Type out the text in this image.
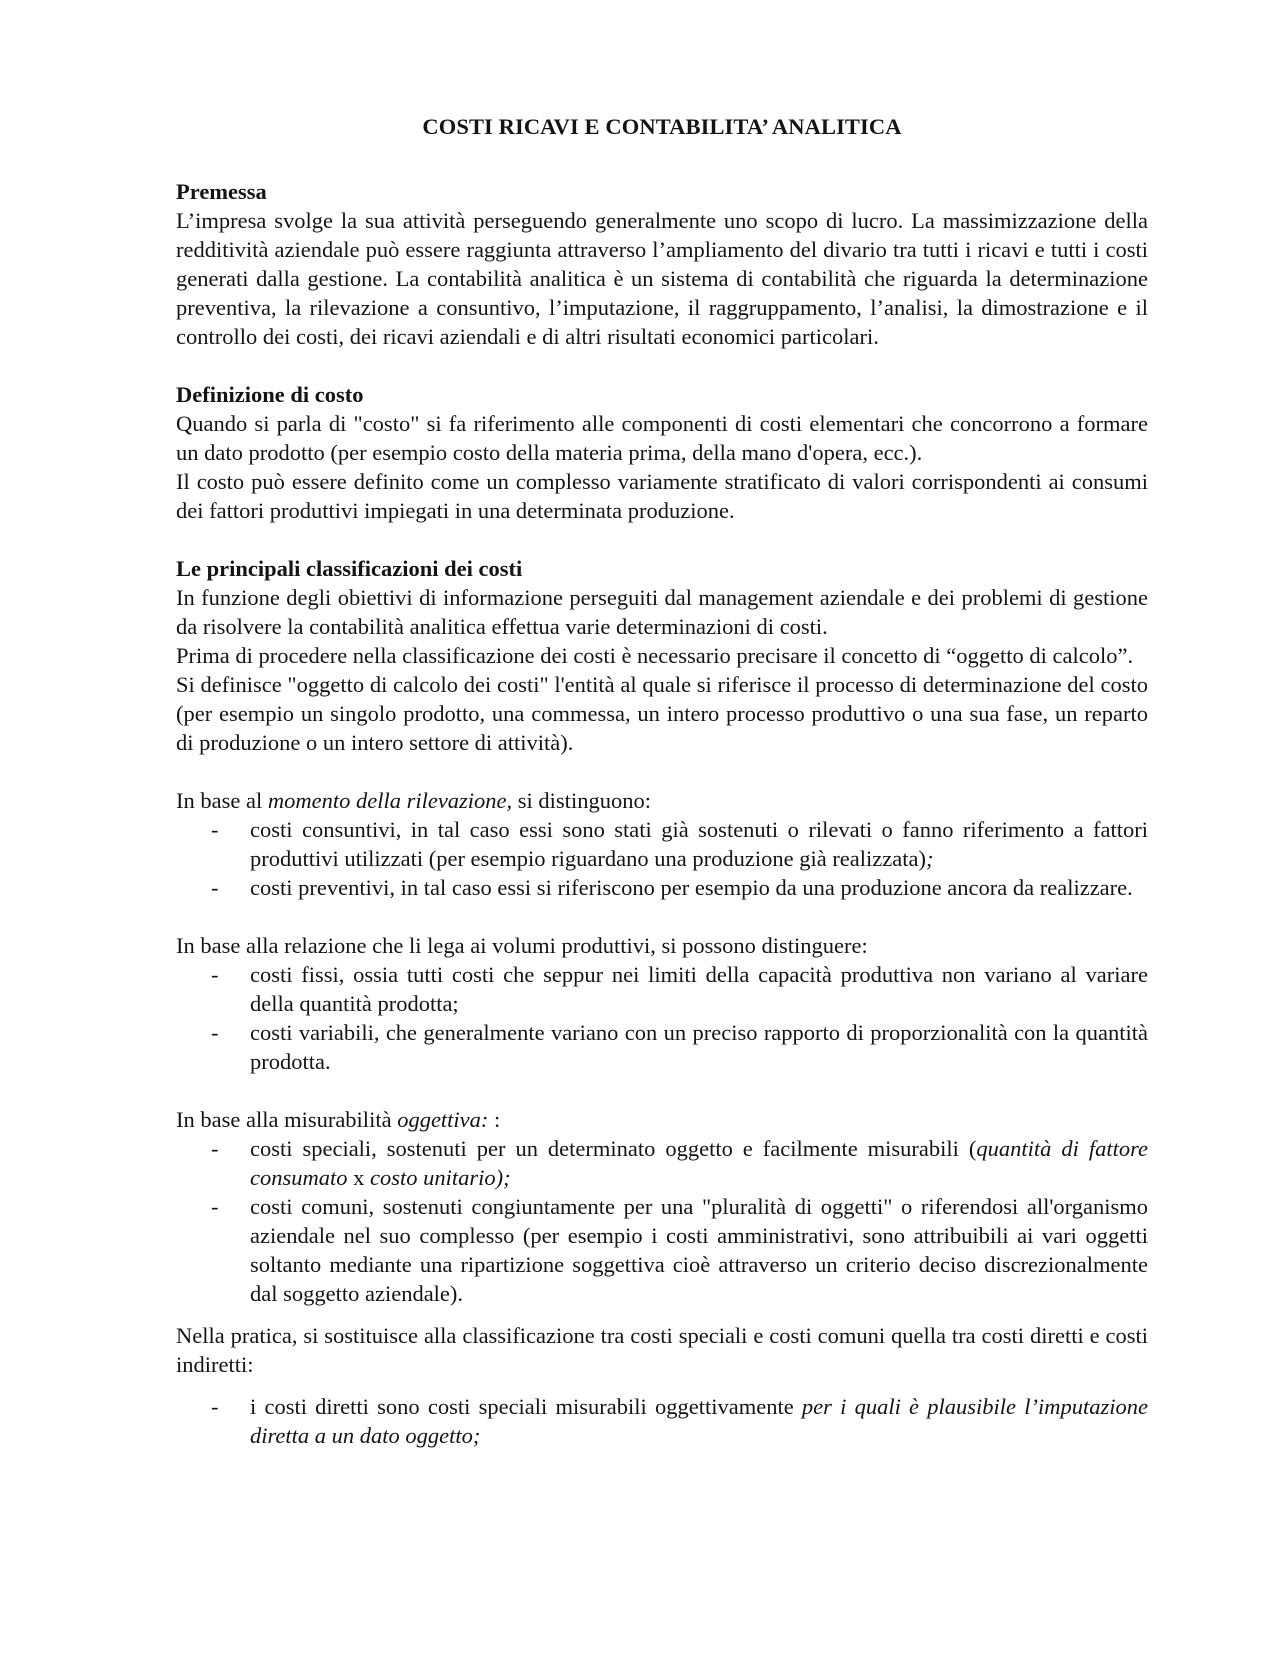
COSTI RICAVI E CONTABILITA’ ANALITICA
Premessa

L’impresa svolge la sua attività perseguendo generalmente uno scopo di lucro. La massimizzazione della redditività aziendale può essere raggiunta attraverso l’ampliamento del divario tra tutti i ricavi e tutti i costi generati dalla gestione. La contabilità analitica è un sistema di contabilità che riguarda la determinazione preventiva, la rilevazione a consuntivo, l’imputazione, il raggruppamento, l’analisi, la dimostrazione e il controllo dei costi, dei ricavi aziendali e di altri risultati economici particolari.

Definizione di costo

Quando si parla di "costo" si fa riferimento alle componenti di costi elementari che concorrono a formare un dato prodotto (per esempio costo della materia prima, della mano d'opera, ecc.).

Il costo può essere definito come un complesso variamente stratificato di valori corrispondenti ai consumi dei fattori produttivi impiegati in una determinata produzione.

Le principali classificazioni dei costi

In funzione degli obiettivi di informazione perseguiti dal management aziendale e dei problemi di gestione da risolvere la contabilità analitica effettua varie determinazioni di costi.

Prima di procedere nella classificazione dei costi è necessario precisare il concetto di “oggetto di calcolo”.

Si definisce "oggetto di calcolo dei costi" l'entità al quale si riferisce il processo di determinazione del costo (per esempio un singolo prodotto, una commessa, un intero processo produttivo o una sua fase, un reparto di produzione o un intero settore di attività).

In base al momento della rilevazione, si distinguono:

- costi consuntivi, in tal caso essi sono stati già sostenuti o rilevati o fanno riferimento a fattori produttivi utilizzati (per esempio riguardano una produzione già realizzata);
- costi preventivi, in tal caso essi si riferiscono per esempio da una produzione ancora da realizzare.

In base alla relazione che li lega ai volumi produttivi, si possono distinguere:

- costi fissi, ossia tutti costi che seppur nei limiti della capacità produttiva non variano al variare della quantità prodotta;
- costi variabili, che generalmente variano con un preciso rapporto di proporzionalità con la quantità prodotta.

In base alla misurabilità oggettiva: :

- costi speciali, sostenuti per un determinato oggetto e facilmente misurabili (quantità di fattore consumato x costo unitario);
- costi comuni, sostenuti congiuntamente per una "pluralità di oggetti" o riferendosi all'organismo aziendale nel suo complesso (per esempio i costi amministrativi, sono attribuibili ai vari oggetti soltanto mediante una ripartizione soggettiva cioè attraverso un criterio deciso discrezionalmente dal soggetto aziendale).

Nella pratica, si sostituisce alla classificazione tra costi speciali e costi comuni quella tra costi diretti e costi indiretti:

- i costi diretti sono costi speciali misurabili oggettivamente per i quali è plausibile l’imputazione diretta a un dato oggetto;
